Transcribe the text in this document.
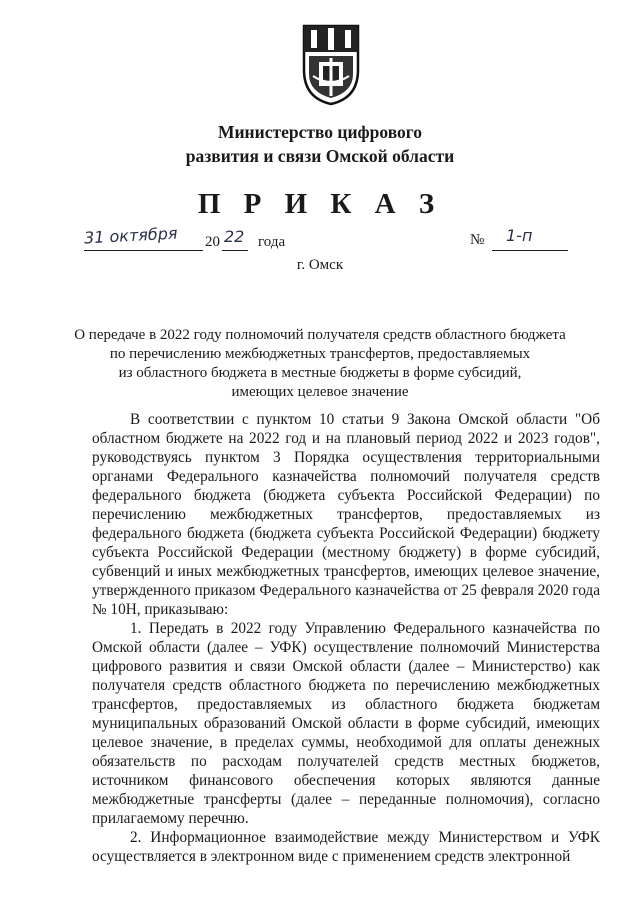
Министерство цифрового
развития и связи Омской области
П Р И К А З
31 октября 20 22 года	№ 1-п
г. Омск
О передаче в 2022 году полномочий получателя средств областного бюджета
по перечислению межбюджетных трансфертов, предоставляемых
из областного бюджета в местные бюджеты в форме субсидий,
имеющих целевое значение

В соответствии с пунктом 10 статьи 9 Закона Омской области "Об областном бюджете на 2022 год и на плановый период 2022 и 2023 годов", руководствуясь пунктом 3 Порядка осуществления территориальными органами Федерального казначейства полномочий получателя средств федерального бюджета (бюджета субъекта Российской Федерации) по перечислению межбюджетных трансфертов, предоставляемых из федерального бюджета (бюджета субъекта Российской Федерации) бюджету субъекта Российской Федерации (местному бюджету) в форме субсидий, субвенций и иных межбюджетных трансфертов, имеющих целевое значение, утвержденного приказом Федерального казначейства от 25 февраля 2020 года № 10Н, приказываю:

1. Передать в 2022 году Управлению Федерального казначейства по Омской области (далее – УФК) осуществление полномочий Министерства цифрового развития и связи Омской области (далее – Министерство) как получателя средств областного бюджета по перечислению межбюджетных трансфертов, предоставляемых из областного бюджета бюджетам муниципальных образований Омской области в форме субсидий, имеющих целевое значение, в пределах суммы, необходимой для оплаты денежных обязательств по расходам получателей средств местных бюджетов, источником финансового обеспечения которых являются данные межбюджетные трансферты (далее – переданные полномочия), согласно прилагаемому перечню.

2. Информационное взаимодействие между Министерством и УФК осуществляется в электронном виде с применением средств электронной
